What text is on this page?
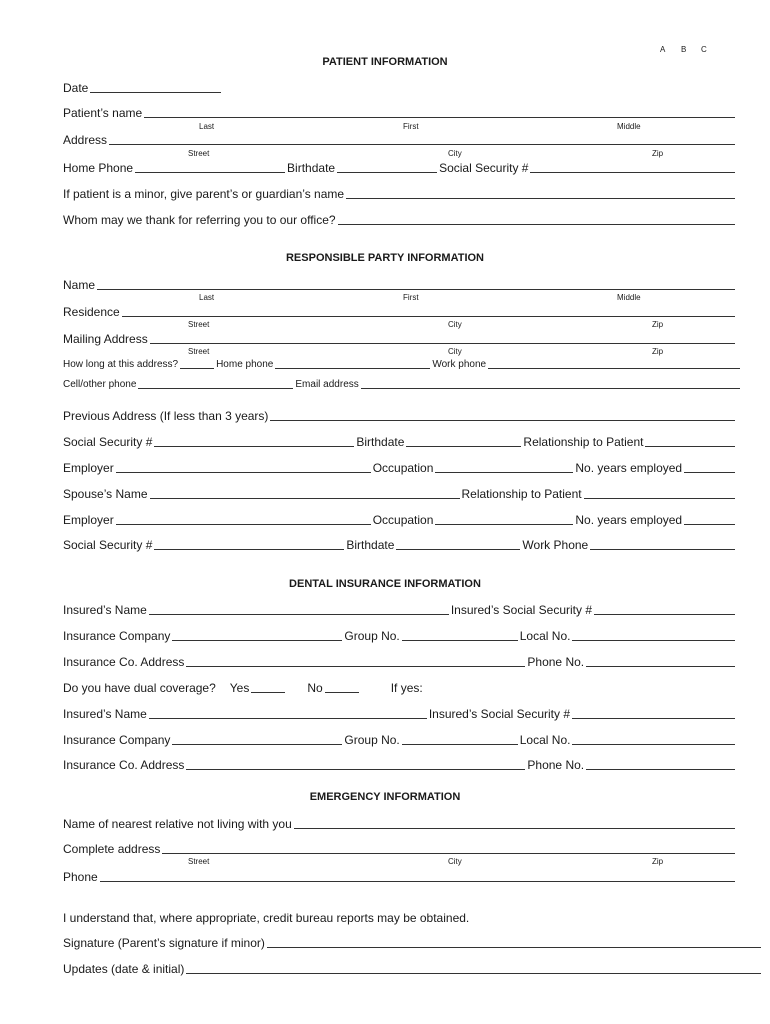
A B C
PATIENT INFORMATION
Date
Patient’s name
Last	First	Middle
Address
Street	City	Zip
Home Phone	Birthdate	Social Security #
If patient is a minor, give parent’s or guardian’s name
Whom may we thank for referring you to our office?
RESPONSIBLE PARTY INFORMATION
Name
Last	First	Middle
Residence
Street	City	Zip
Mailing Address
Street	City	Zip
How long at this address?	Home phone	Work phone
Cell/other phone	Email address
Previous Address (If less than 3 years)
Social Security #	Birthdate	Relationship to Patient
Employer	Occupation	No. years employed
Spouse’s Name	Relationship to Patient
Employer	Occupation	No. years employed
Social Security #	Birthdate	Work Phone
DENTAL INSURANCE INFORMATION
Insured’s Name	Insured’s Social Security #
Insurance Company	Group No.	Local No.
Insurance Co. Address	Phone No.
Do you have dual coverage? Yes	No	If yes:
Insured’s Name	Insured’s Social Security #
Insurance Company	Group No.	Local No.
Insurance Co. Address	Phone No.
EMERGENCY INFORMATION
Name of nearest relative not living with you
Complete address
Street	City	Zip
Phone
I understand that, where appropriate, credit bureau reports may be obtained.
Signature (Parent’s signature if minor)
Updates (date & initial)
